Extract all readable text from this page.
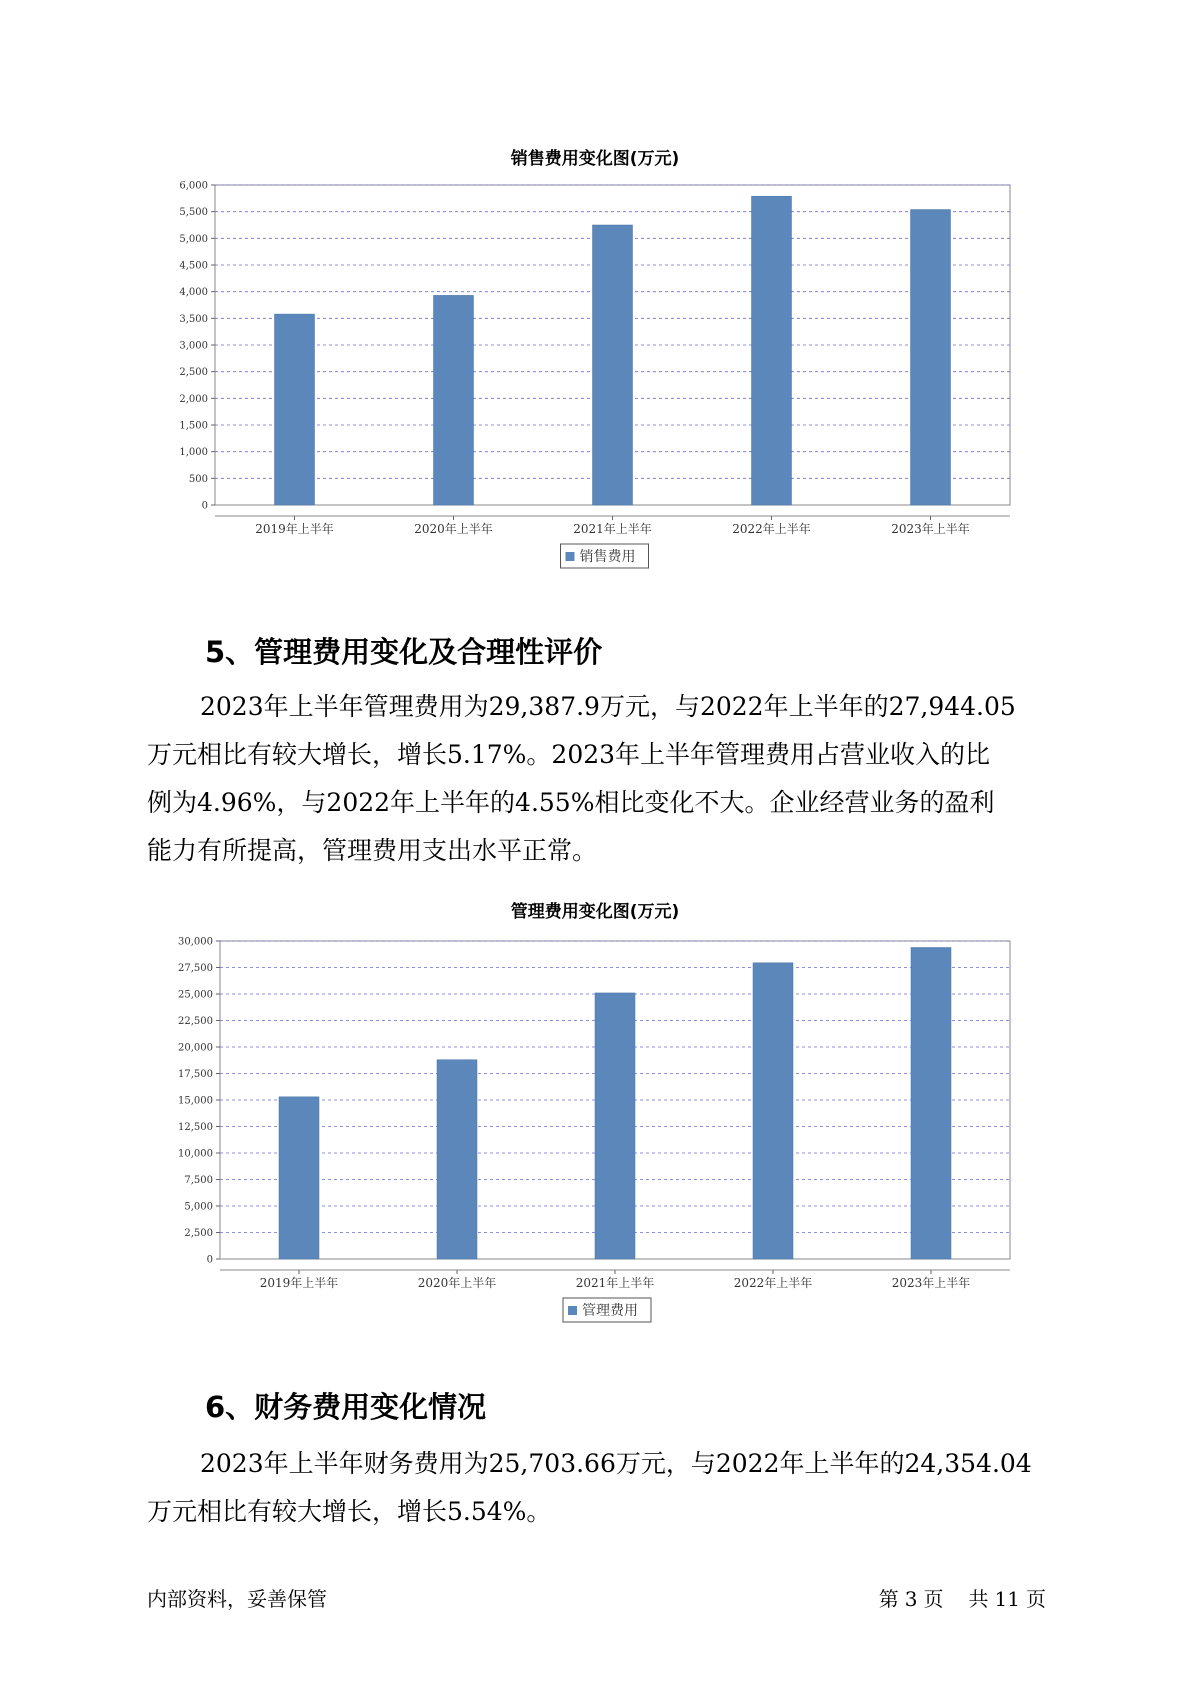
销售费用变化图(万元)
0
500
1,000
1,500
2,000
2,500
3,000
3,500
4,000
4,500
5,000
5,500
6,000
2019年上半年	2020年上半年	2021年上半年	2022年上半年	2023年上半年
销售费用
5、管理费用变化及合理性评价

2023年上半年管理费用为29,387.9万元，与2022年上半年的27,944.05
万元相比有较大增长，增长5.17%。2023年上半年管理费用占营业收入的比
例为4.96%，与2022年上半年的4.55%相比变化不大。企业经营业务的盈利
能力有所提高，管理费用支出水平正常。

管理费用变化图(万元)
0
2,500
5,000
7,500
10,000
12,500
15,000
17,500
20,000
22,500
25,000
27,500
30,000
2019年上半年	2020年上半年	2021年上半年	2022年上半年	2023年上半年
管理费用
6、财务费用变化情况

2023年上半年财务费用为25,703.66万元，与2022年上半年的24,354.04
万元相比有较大增长，增长5.54%。

内部资料，妥善保管	第 3 页 共 11 页
